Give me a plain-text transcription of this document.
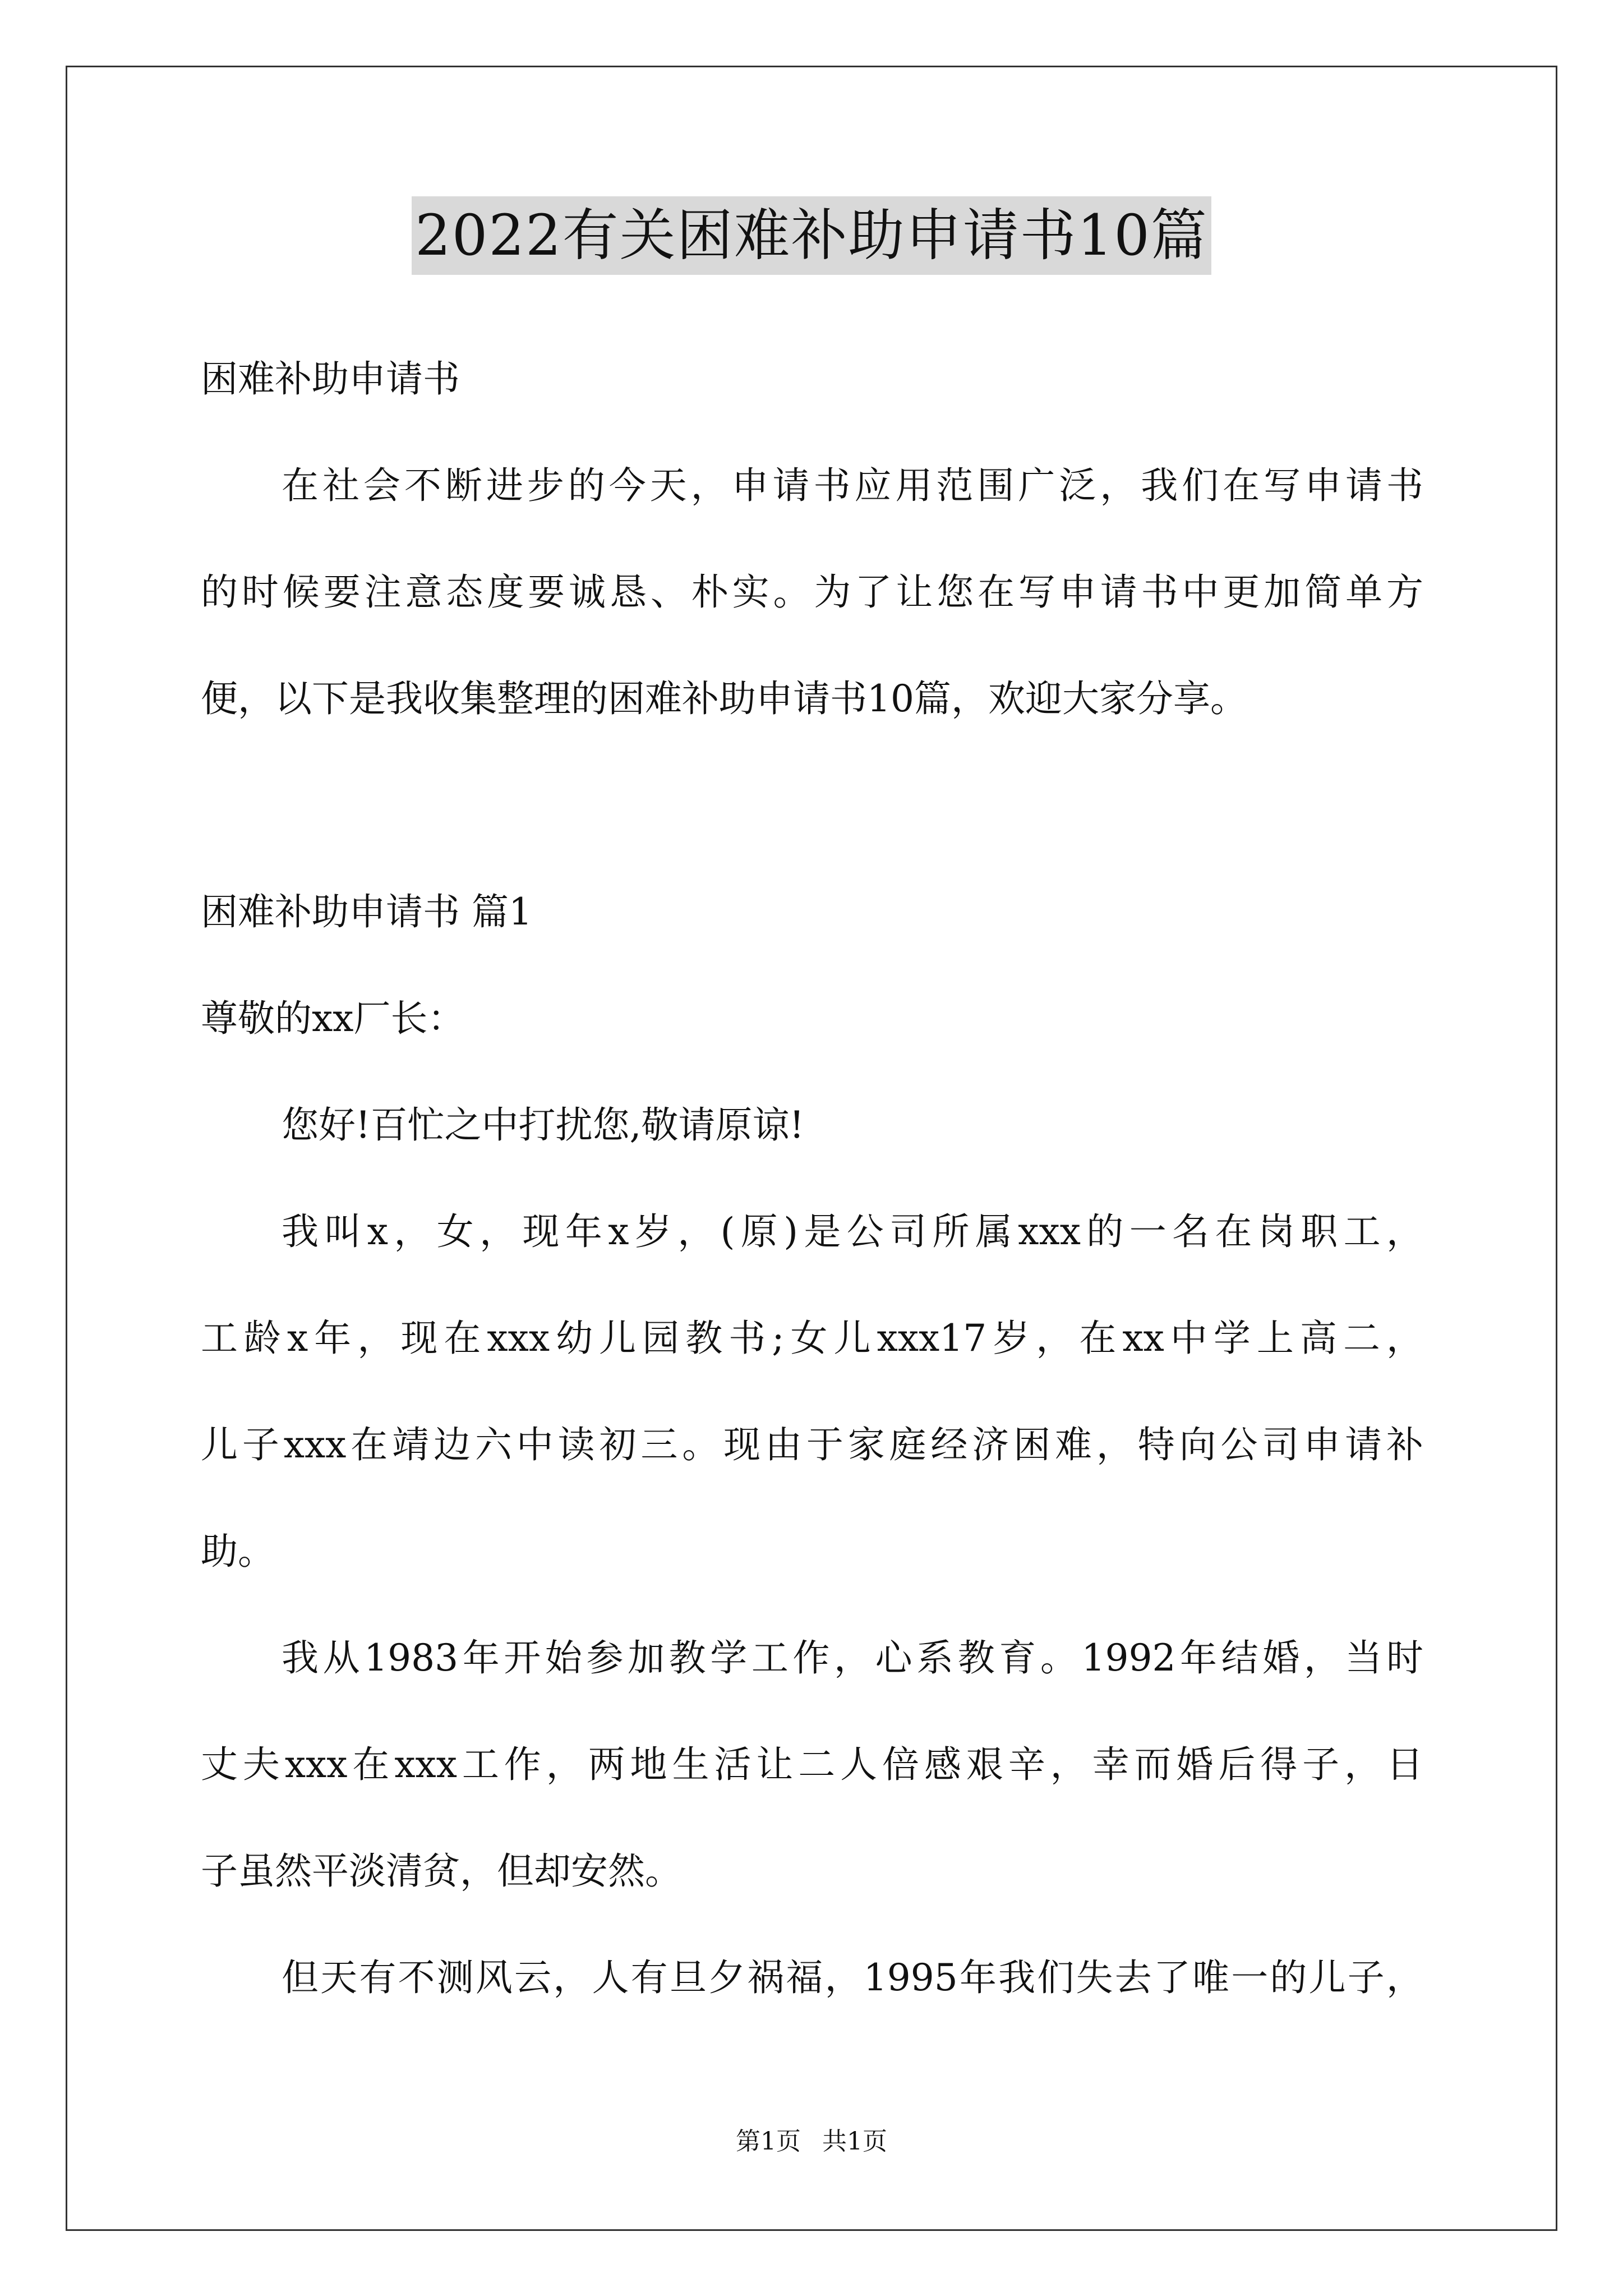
2022有关困难补助申请书10篇
困难补助申请书
在社会不断进步的今天，申请书应用范围广泛，我们在写申请书
的时候要注意态度要诚恳、朴实。为了让您在写申请书中更加简单方
便，以下是我收集整理的困难补助申请书10篇，欢迎大家分享。
困难补助申请书 篇1
尊敬的xx厂长：
您好!百忙之中打扰您,敬请原谅!
我叫x，女，现年x岁，(原)是公司所属xxx的一名在岗职工，
工龄x年，现在xxx幼儿园教书;女儿xxx17岁，在xx中学上高二，
儿子xxx在靖边六中读初三。现由于家庭经济困难，特向公司申请补
助。
我从1983年开始参加教学工作，心系教育。1992年结婚，当时
丈夫xxx在xxx工作，两地生活让二人倍感艰辛，幸而婚后得子，日
子虽然平淡清贫，但却安然。
但天有不测风云，人有旦夕祸福，1995年我们失去了唯一的儿子，
第1页 共1页
